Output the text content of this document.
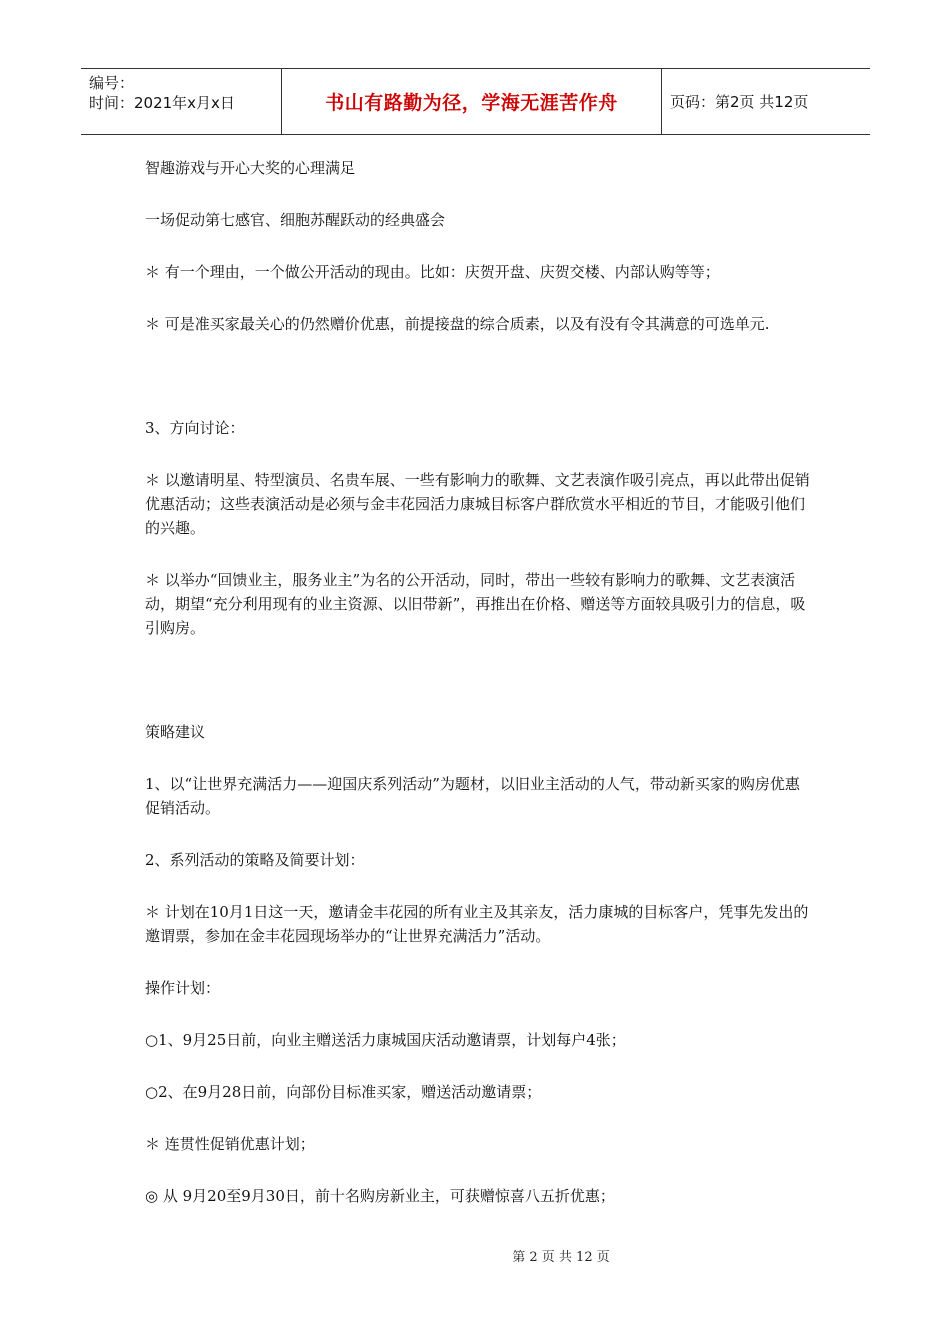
编号：
时间：2021年x月x日	书山有路勤为径，学海无涯苦作舟	页码：第2页 共12页

智趣游戏与开心大奖的心理满足

一场促动第七感官、细胞苏醒跃动的经典盛会

＊ 有一个理由，一个做公开活动的现由。比如：庆贺开盘、庆贺交楼、内部认购等等；

＊ 可是准买家最关心的仍然赠价优惠，前提接盘的综合质素，以及有没有令其满意的可选单元.

3、方向讨论：

＊ 以邀请明星、特型演员、名贵车展、一些有影响力的歌舞、文艺表演作吸引亮点，再以此带出促销优惠活动；这些表演活动是必须与金丰花园活力康城目标客户群欣赏水平相近的节目，才能吸引他们的兴趣。

＊ 以举办“回馈业主，服务业主”为名的公开活动，同时，带出一些较有影响力的歌舞、文艺表演活动，期望“充分利用现有的业主资源、以旧带新”，再推出在价格、赠送等方面较具吸引力的信息，吸引购房。

策略建议

1、以“让世界充满活力——迎国庆系列活动”为题材，以旧业主活动的人气，带动新买家的购房优惠促销活动。

2、系列活动的策略及简要计划：

＊ 计划在10月1日这一天，邀请金丰花园的所有业主及其亲友，活力康城的目标客户，凭事先发出的邀谓票，参加在金丰花园现场举办的“让世界充满活力”活动。

操作计划：

○1、9月25日前，向业主赠送活力康城国庆活动邀请票，计划每户4张；

○2、在9月28日前，向部份目标准买家，赠送活动邀请票；

＊ 连贯性促销优惠计划；

◎ 从 9月20至9月30日，前十名购房新业主，可获赠惊喜八五折优惠；

第 2 页 共 12 页
